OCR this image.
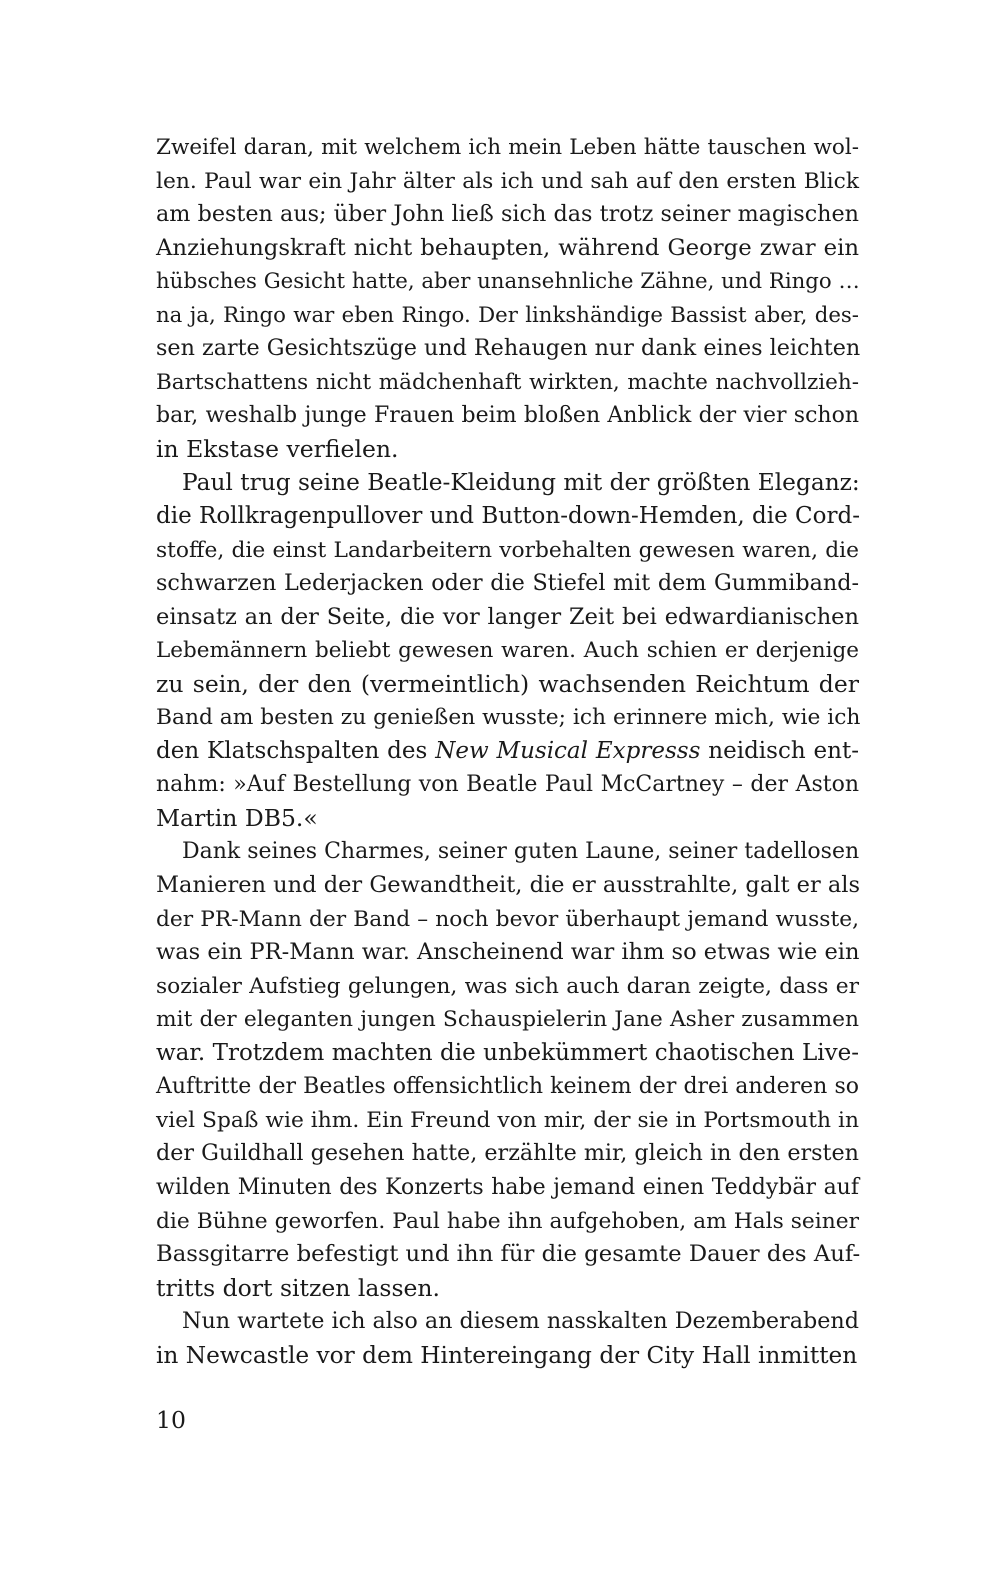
Zweifel daran, mit welchem ich mein Leben hätte tauschen wol-
len. Paul war ein Jahr älter als ich und sah auf den ersten Blick
am besten aus; über John ließ sich das trotz seiner magischen
Anziehungskraft nicht behaupten, während George zwar ein
hübsches Gesicht hatte, aber unansehnliche Zähne, und Ringo …
na ja, Ringo war eben Ringo. Der linkshändige Bassist aber, des-
sen zarte Gesichtszüge und Rehaugen nur dank eines leichten
Bartschattens nicht mädchenhaft wirkten, machte nachvollzieh-
bar, weshalb junge Frauen beim bloßen Anblick der vier schon
in Ekstase verfielen.
Paul trug seine Beatle-Kleidung mit der größten Eleganz:
die Rollkragenpullover und Button-down-Hemden, die Cord-
stoffe, die einst Landarbeitern vorbehalten gewesen waren, die
schwarzen Lederjacken oder die Stiefel mit dem Gummiband-
einsatz an der Seite, die vor langer Zeit bei edwardianischen
Lebemännern beliebt gewesen waren. Auch schien er derjenige
zu sein, der den (vermeintlich) wachsenden Reichtum der
Band am besten zu genießen wusste; ich erinnere mich, wie ich
den Klatschspalten des New Musical Expresss neidisch ent-
nahm: »Auf Bestellung von Beatle Paul McCartney – der Aston
Martin DB5.«
Dank seines Charmes, seiner guten Laune, seiner tadellosen
Manieren und der Gewandtheit, die er ausstrahlte, galt er als
der PR-Mann der Band – noch bevor überhaupt jemand wusste,
was ein PR-Mann war. Anscheinend war ihm so etwas wie ein
sozialer Aufstieg gelungen, was sich auch daran zeigte, dass er
mit der eleganten jungen Schauspielerin Jane Asher zusammen
war. Trotzdem machten die unbekümmert chaotischen Live-
Auftritte der Beatles offensichtlich keinem der drei anderen so
viel Spaß wie ihm. Ein Freund von mir, der sie in Portsmouth in
der Guildhall gesehen hatte, erzählte mir, gleich in den ersten
wilden Minuten des Konzerts habe jemand einen Teddybär auf
die Bühne geworfen. Paul habe ihn aufgehoben, am Hals seiner
Bassgitarre befestigt und ihn für die gesamte Dauer des Auf-
tritts dort sitzen lassen.
Nun wartete ich also an diesem nasskalten Dezemberabend
in Newcastle vor dem Hintereingang der City Hall inmitten
10
